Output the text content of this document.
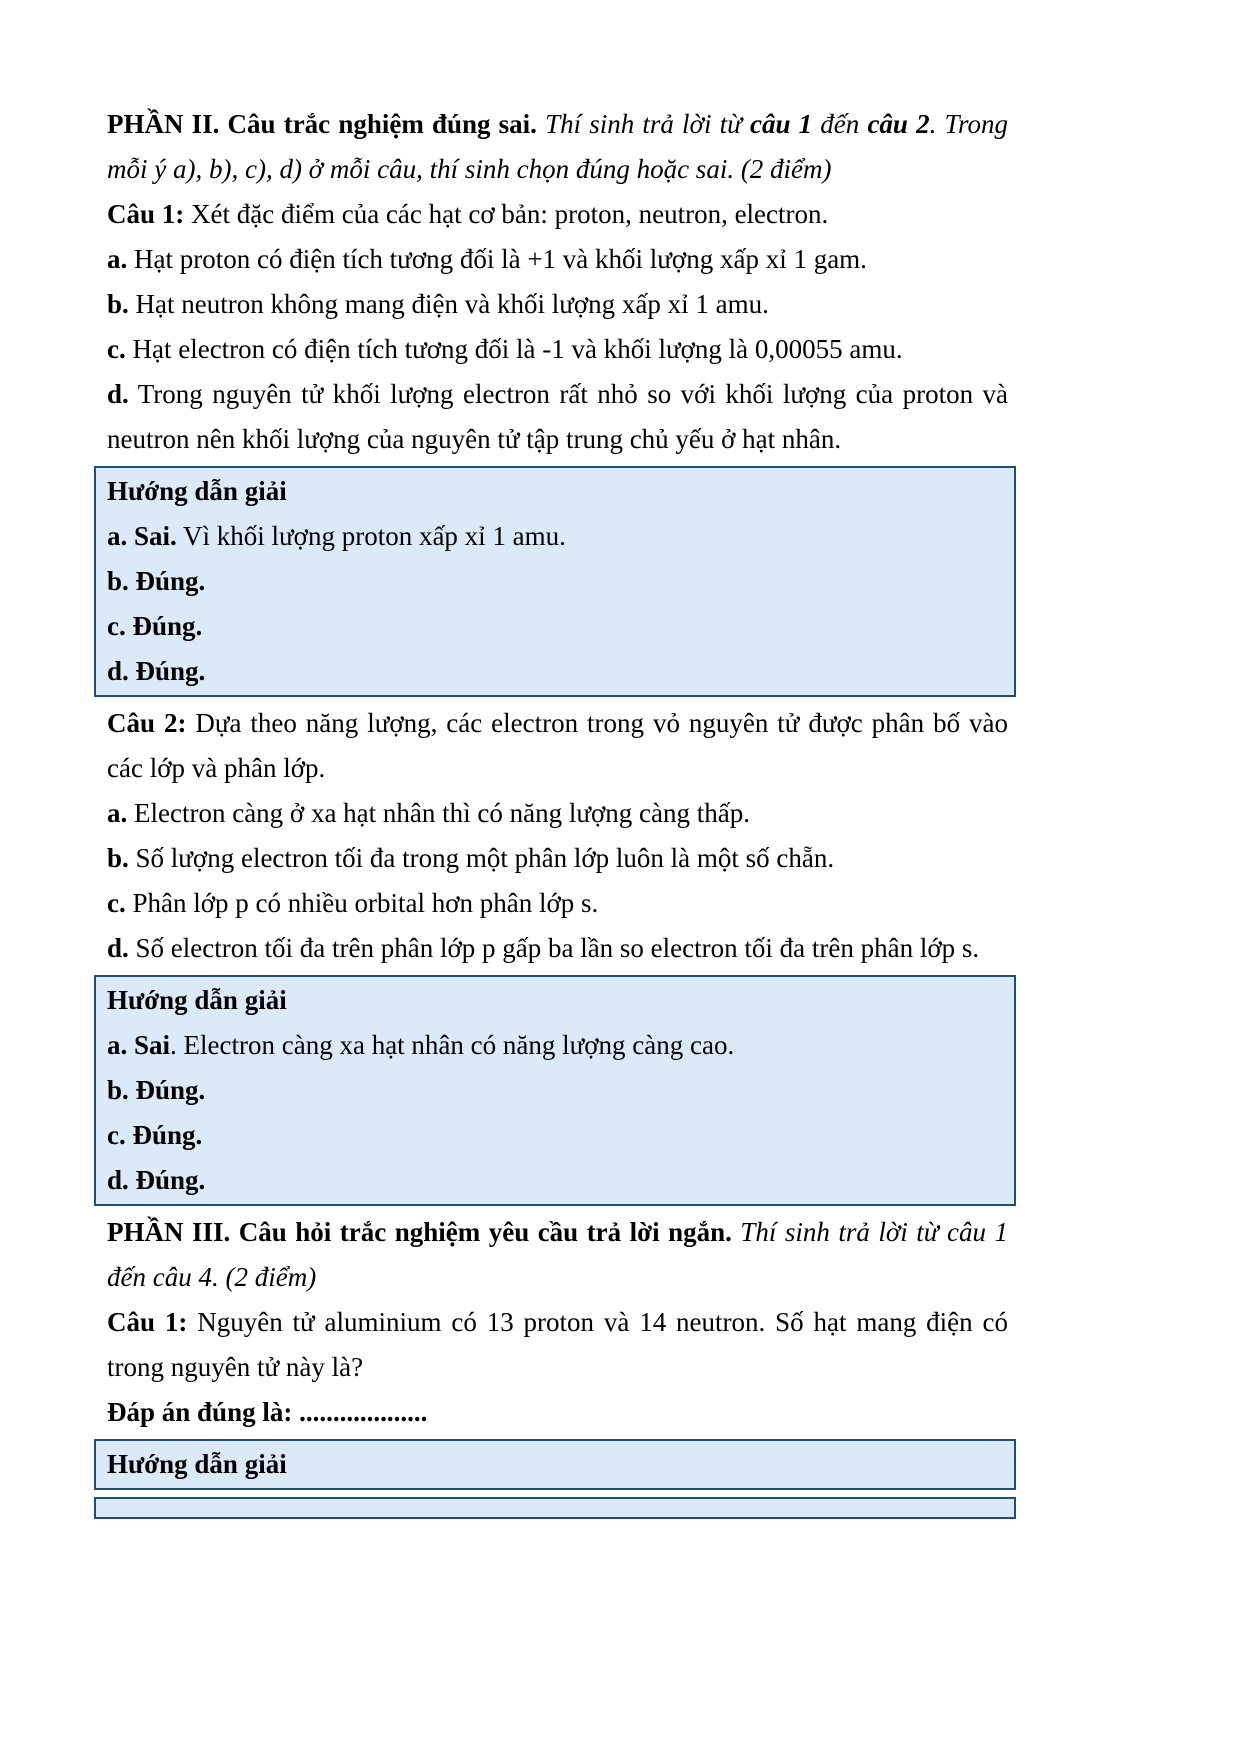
PHẦN II. Câu trắc nghiệm đúng sai. Thí sinh trả lời từ câu 1 đến câu 2. Trong mỗi ý a), b), c), d) ở mỗi câu, thí sinh chọn đúng hoặc sai. (2 điểm)

Câu 1: Xét đặc điểm của các hạt cơ bản: proton, neutron, electron.

a. Hạt proton có điện tích tương đối là +1 và khối lượng xấp xỉ 1 gam.

b. Hạt neutron không mang điện và khối lượng xấp xỉ 1 amu.

c. Hạt electron có điện tích tương đối là -1 và khối lượng là 0,00055 amu.

d. Trong nguyên tử khối lượng electron rất nhỏ so với khối lượng của proton và neutron nên khối lượng của nguyên tử tập trung chủ yếu ở hạt nhân.

Hướng dẫn giải

a. Sai. Vì khối lượng proton xấp xỉ 1 amu.

b. Đúng.

c. Đúng.

d. Đúng.

Câu 2: Dựa theo năng lượng, các electron trong vỏ nguyên tử được phân bố vào các lớp và phân lớp.

a. Electron càng ở xa hạt nhân thì có năng lượng càng thấp.

b. Số lượng electron tối đa trong một phân lớp luôn là một số chẵn.

c. Phân lớp p có nhiều orbital hơn phân lớp s.

d. Số electron tối đa trên phân lớp p gấp ba lần so electron tối đa trên phân lớp s.

Hướng dẫn giải

a. Sai. Electron càng xa hạt nhân có năng lượng càng cao.

b. Đúng.

c. Đúng.

d. Đúng.

PHẦN III. Câu hỏi trắc nghiệm yêu cầu trả lời ngắn. Thí sinh trả lời từ câu 1 đến câu 4. (2 điểm)

Câu 1: Nguyên tử aluminium có 13 proton và 14 neutron. Số hạt mang điện có trong nguyên tử này là?

Đáp án đúng là: ...................

Hướng dẫn giải
